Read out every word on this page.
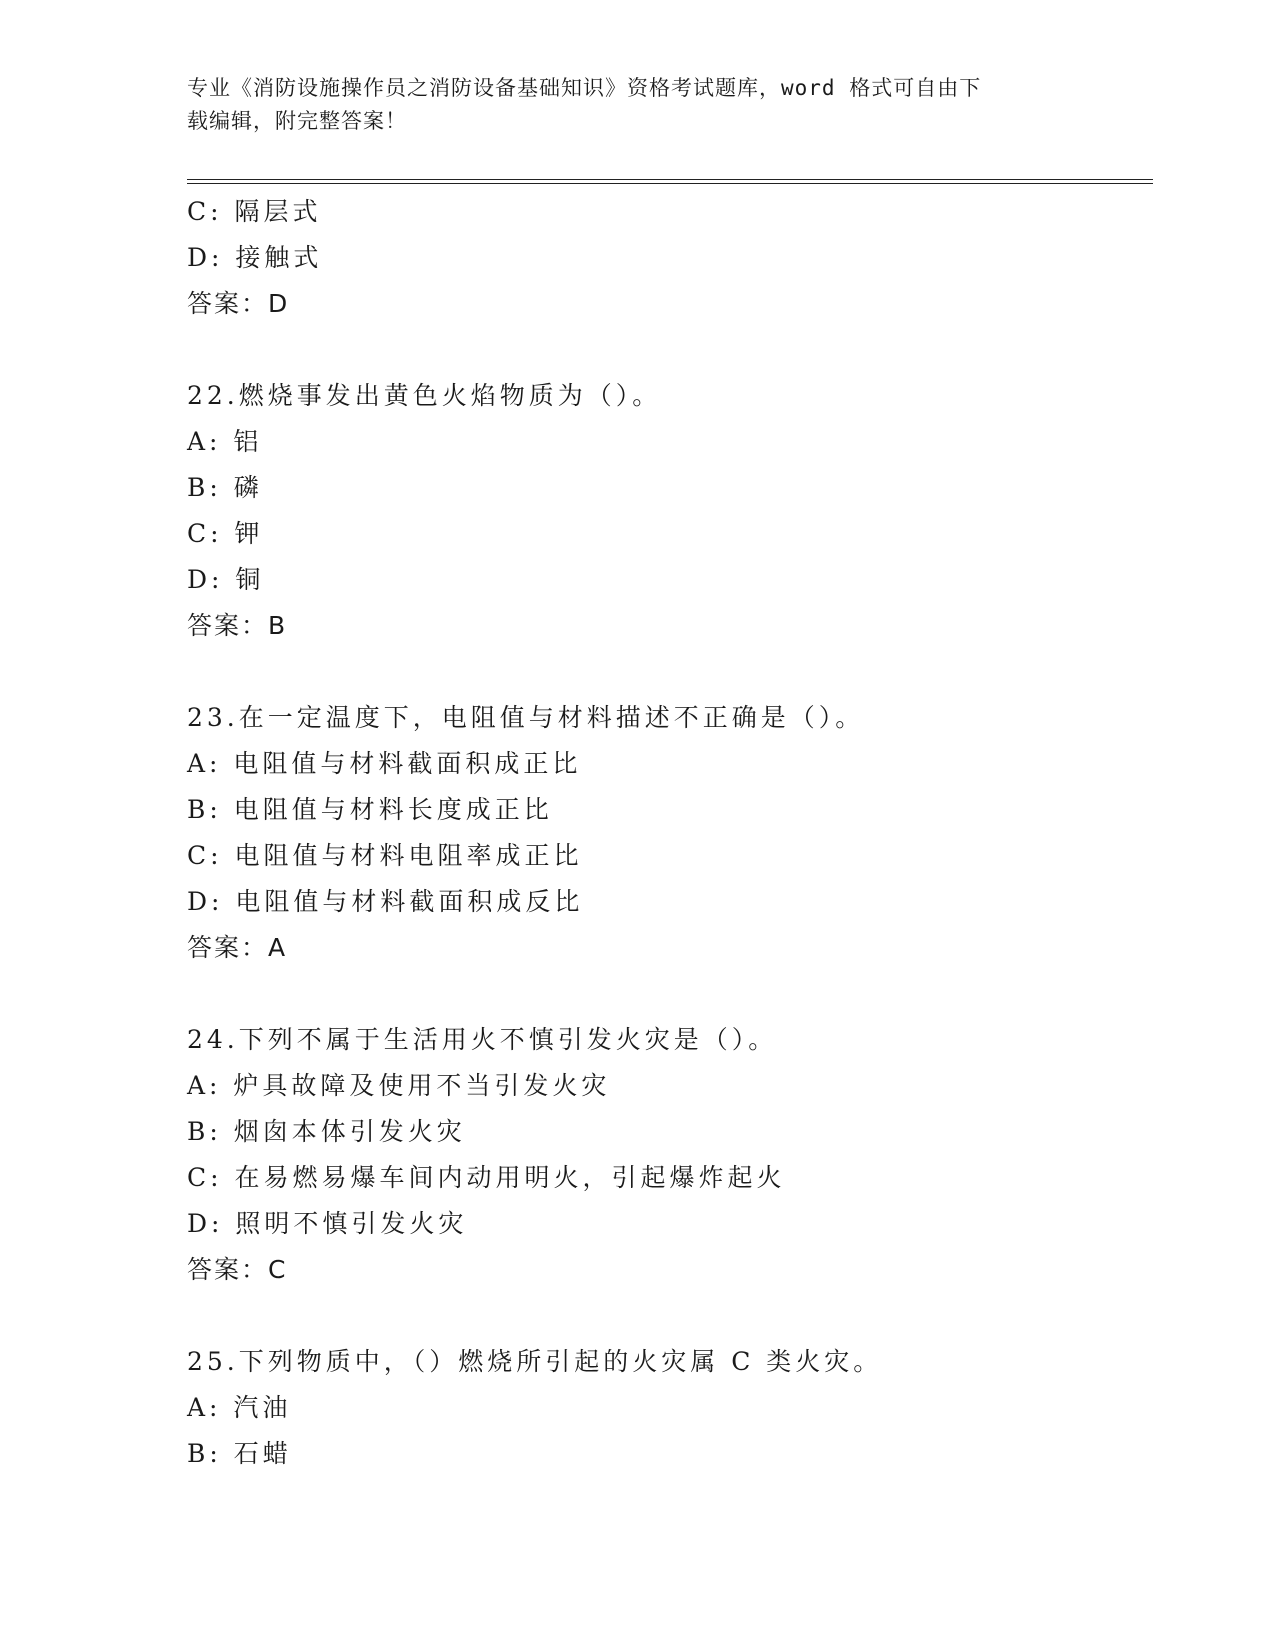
专业《消防设施操作员之消防设备基础知识》资格考试题库，word 格式可自由下
载编辑，附完整答案！
C: 隔层式
D: 接触式
答案：D
22.燃烧事发出黄色火焰物质为（）。
A: 铝
B: 磷
C: 钾
D: 铜
答案：B
23.在一定温度下，电阻值与材料描述不正确是（）。
A: 电阻值与材料截面积成正比
B: 电阻值与材料长度成正比
C: 电阻值与材料电阻率成正比
D: 电阻值与材料截面积成反比
答案：A
24.下列不属于生活用火不慎引发火灾是（）。
A: 炉具故障及使用不当引发火灾
B: 烟囱本体引发火灾
C: 在易燃易爆车间内动用明火，引起爆炸起火
D: 照明不慎引发火灾
答案：C
25.下列物质中，（）燃烧所引起的火灾属 C 类火灾。
A: 汽油
B: 石蜡
